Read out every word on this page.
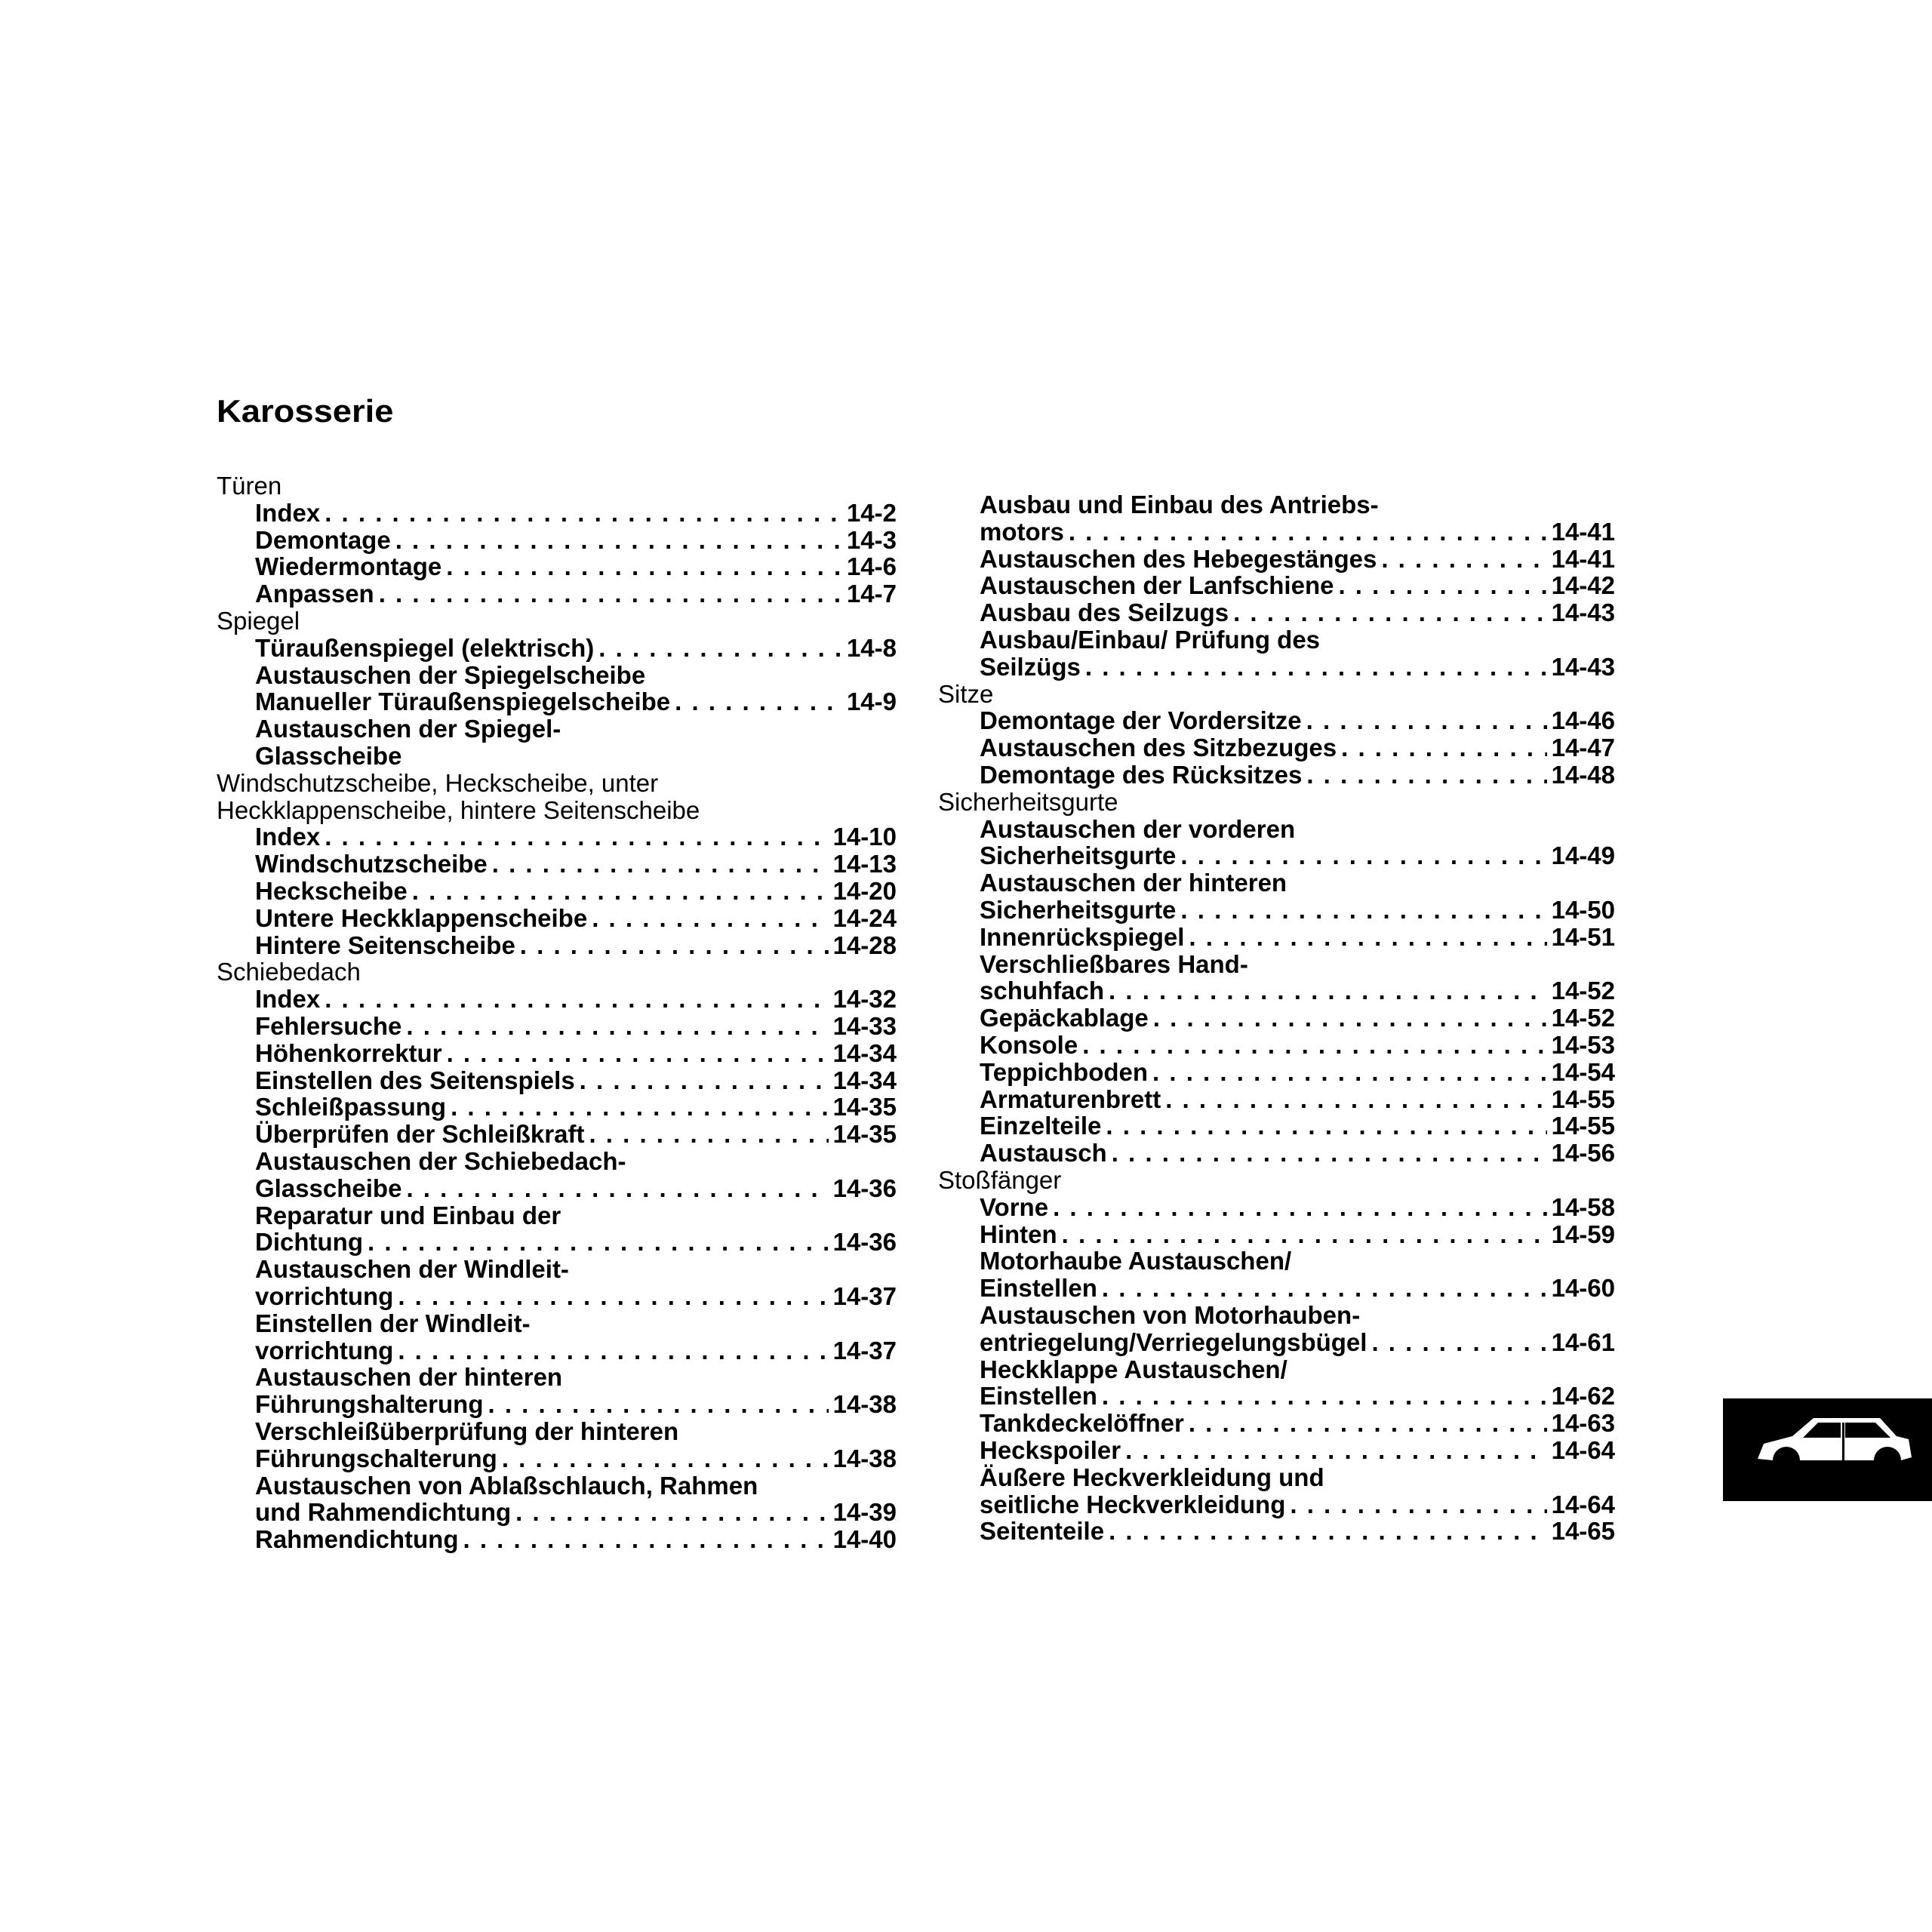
Karosserie
Türen
Index . . .	14-2
Demontage . . .	14-3
Wiedermontage . . .	14-6
Anpassen . . .	14-7
Spiegel
Türaußenspiegel (elektrisch) . . .	14-8
Austauschen der Spiegelscheibe
Manueller Türaußenspiegelscheibe . . .	14-9
Austauschen der Spiegel-
Glasscheibe
Windschutzscheibe, Heckscheibe, unter
Heckklappenscheibe, hintere Seitenscheibe
Index . . .	14-10
Windschutzscheibe . . .	14-13
Heckscheibe . . .	14-20
Untere Heckklappenscheibe . . .	14-24
Hintere Seitenscheibe . . .	14-28
Schiebedach
Index . . .	14-32
Fehlersuche . . .	14-33
Höhenkorrektur . . .	14-34
Einstellen des Seitenspiels . . .	14-34
Schleißpassung . . .	14-35
Überprüfen der Schleißkraft . . .	14-35
Austauschen der Schiebedach-
Glasscheibe . . .	14-36
Reparatur und Einbau der
Dichtung . . .	14-36
Austauschen der Windleit-
vorrichtung . . .	14-37
Einstellen der Windleit-
vorrichtung . . .	14-37
Austauschen der hinteren
Führungshalterung . . .	14-38
Verschleißüberprüfung der hinteren
Führungschalterung . . .	14-38
Austauschen von Ablaßschlauch, Rahmen
und Rahmendichtung . . .	14-39
Rahmendichtung . . .	14-40
Ausbau und Einbau des Antriebs-
motors . . .	14-41
Austauschen des Hebegestänges . . .	14-41
Austauschen der Lanfschiene . . .	14-42
Ausbau des Seilzugs . . .	14-43
Ausbau/Einbau/ Prüfung des
Seilzügs . . .	14-43
Sitze
Demontage der Vordersitze . . .	14-46
Austauschen des Sitzbezuges . . .	14-47
Demontage des Rücksitzes . . .	14-48
Sicherheitsgurte
Austauschen der vorderen
Sicherheitsgurte . . .	14-49
Austauschen der hinteren
Sicherheitsgurte . . .	14-50
Innenrückspiegel . . .	14-51
Verschließbares Hand-
schuhfach . . .	14-52
Gepäckablage . . .	14-52
Konsole . . .	14-53
Teppichboden . . .	14-54
Armaturenbrett . . .	14-55
Einzelteile . . .	14-55
Austausch . . .	14-56
Stoßfänger
Vorne . . .	14-58
Hinten . . .	14-59
Motorhaube Austauschen/
Einstellen . . .	14-60
Austauschen von Motorhauben-
entriegelung/Verriegelungsbügel . . .	14-61
Heckklappe Austauschen/
Einstellen . . .	14-62
Tankdeckelöffner . . .	14-63
Heckspoiler . . .	14-64
Äußere Heckverkleidung und
seitliche Heckverkleidung . . .	14-64
Seitenteile . . .	14-65
